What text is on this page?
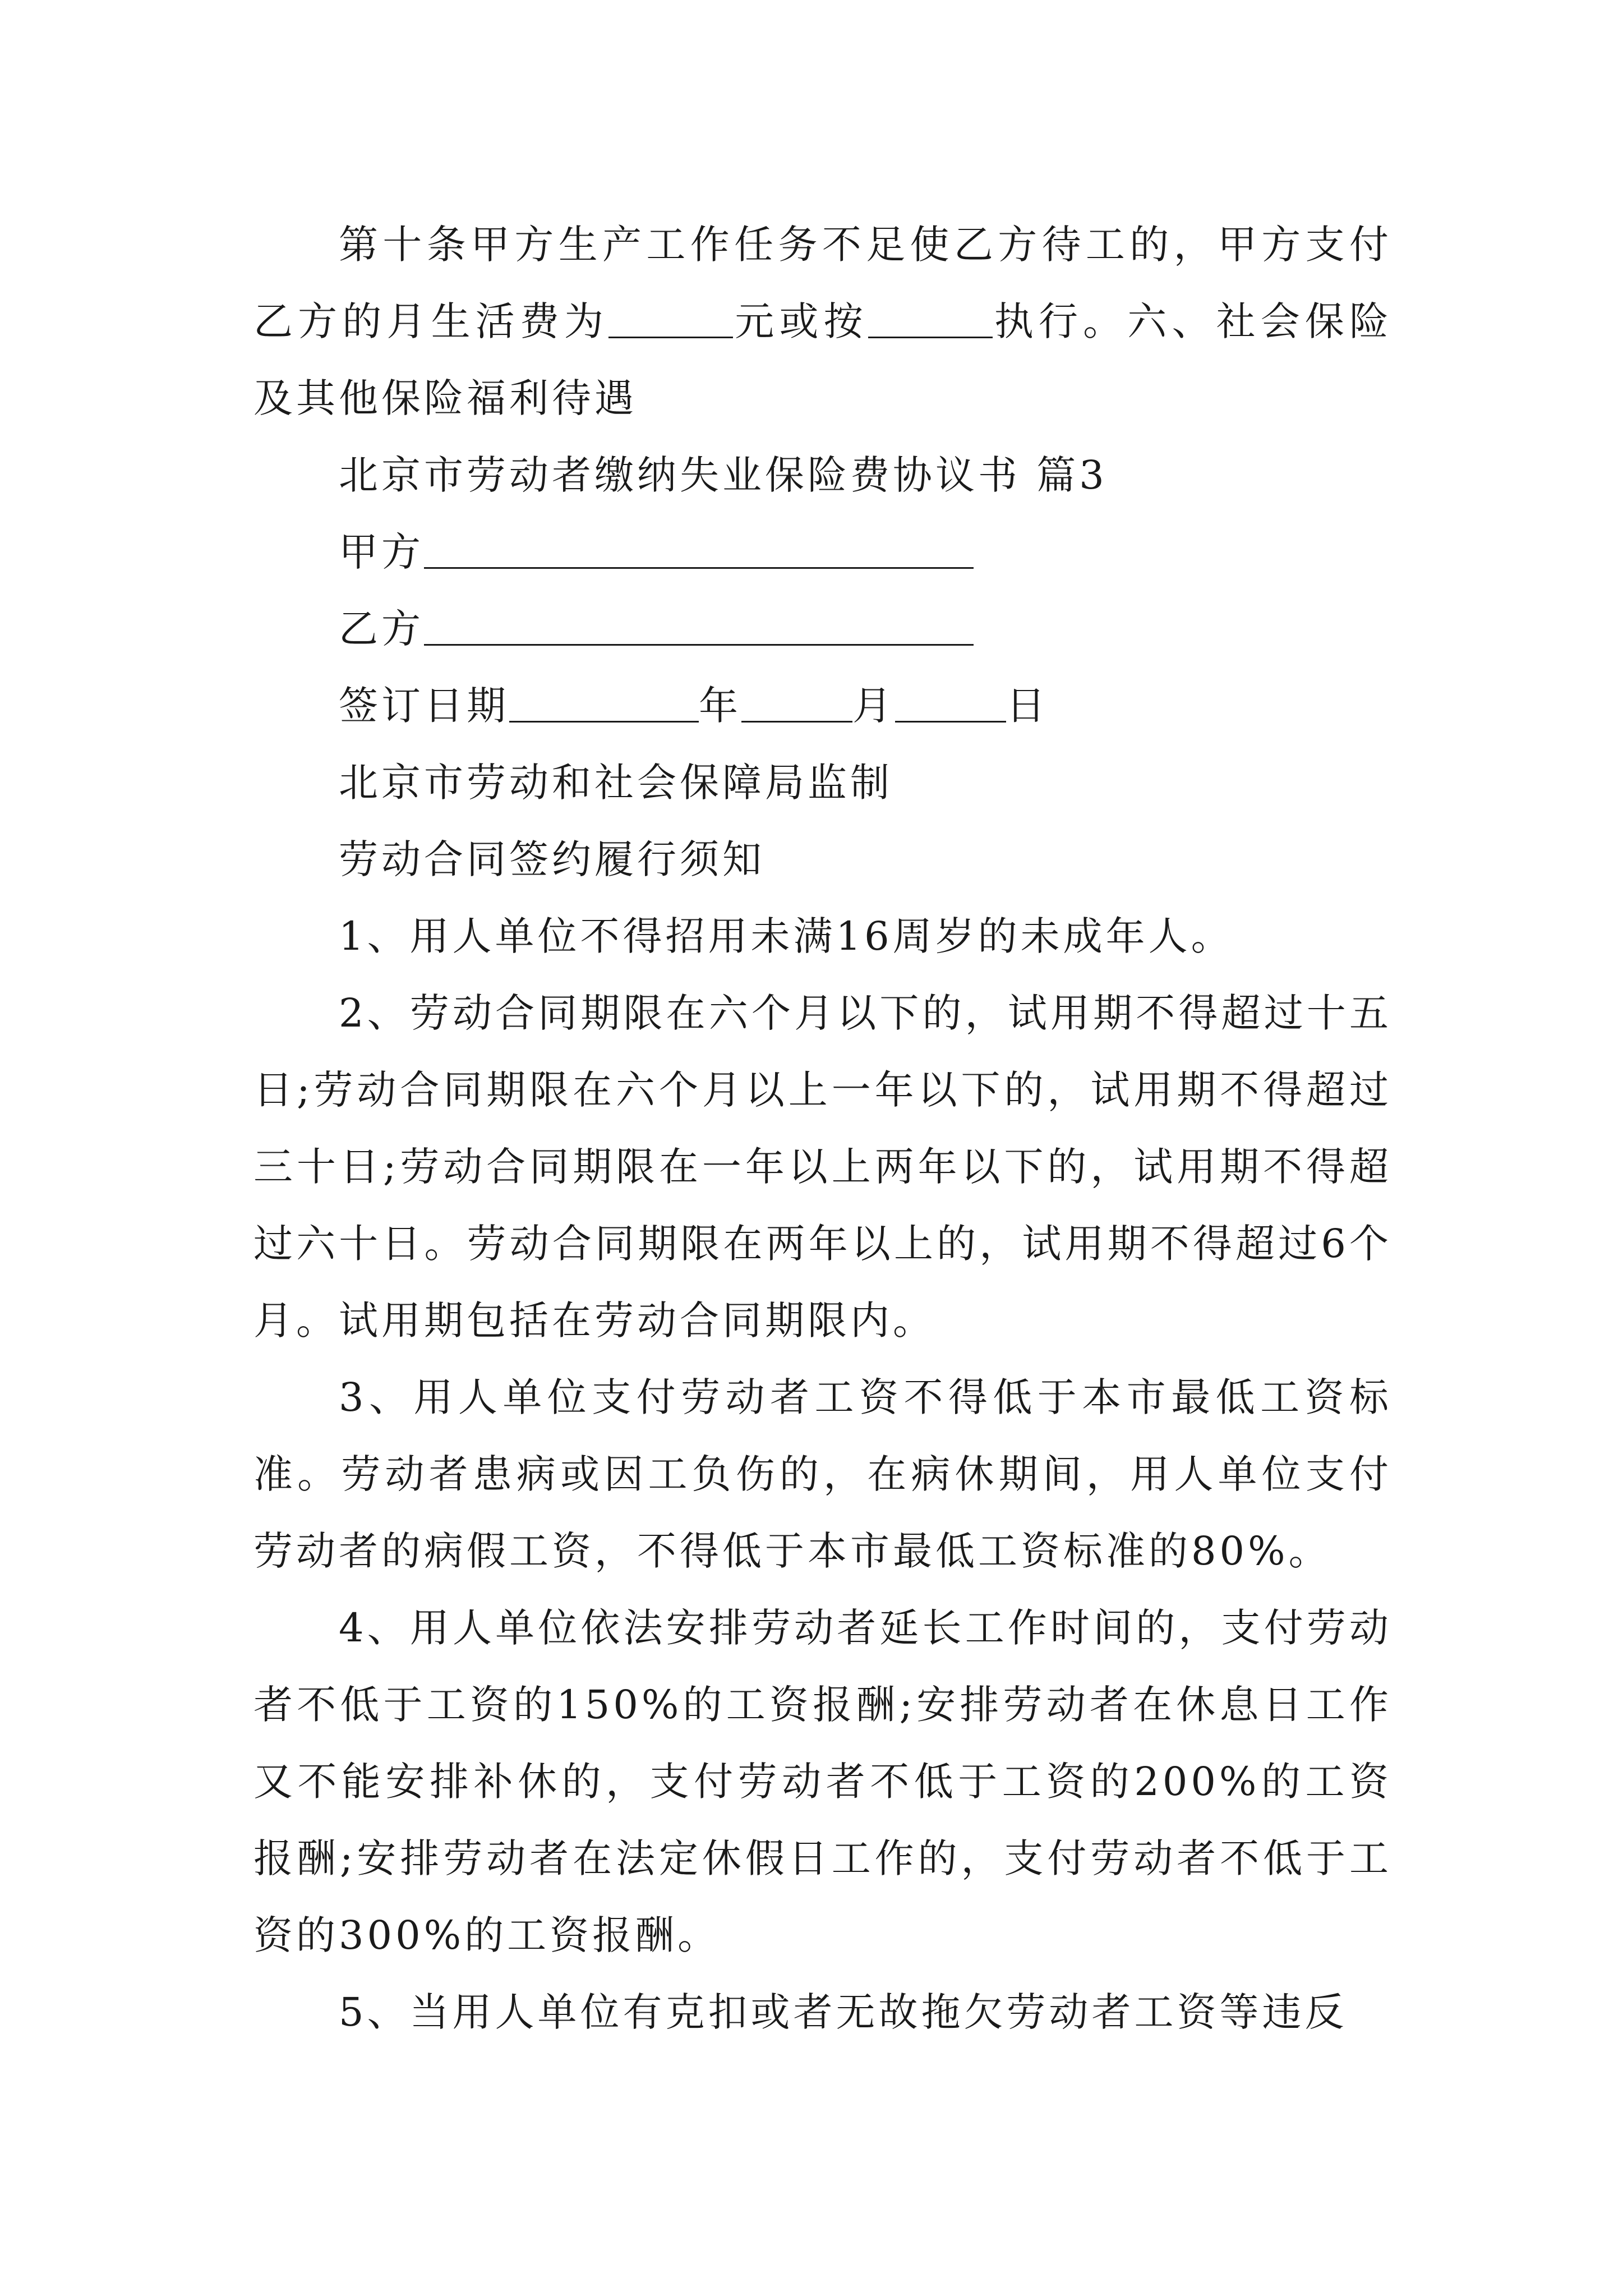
第十条甲方生产工作任务不足使乙方待工的，甲方支付乙方的月生活费为	元或按	执行。六、社会保险及其他保险福利待遇

北京市劳动者缴纳失业保险费协议书 篇3

甲方

乙方

签订日期	年	月	日

北京市劳动和社会保障局监制

劳动合同签约履行须知

1、用人单位不得招用未满16周岁的未成年人。

2、劳动合同期限在六个月以下的，试用期不得超过十五日;劳动合同期限在六个月以上一年以下的，试用期不得超过三十日;劳动合同期限在一年以上两年以下的，试用期不得超过六十日。劳动合同期限在两年以上的，试用期不得超过6个月。试用期包括在劳动合同期限内。

3、用人单位支付劳动者工资不得低于本市最低工资标准。劳动者患病或因工负伤的，在病休期间，用人单位支付劳动者的病假工资，不得低于本市最低工资标准的80%。

4、用人单位依法安排劳动者延长工作时间的，支付劳动者不低于工资的150%的工资报酬;安排劳动者在休息日工作又不能安排补休的，支付劳动者不低于工资的200%的工资报酬;安排劳动者在法定休假日工作的，支付劳动者不低于工资的300%的工资报酬。

5、当用人单位有克扣或者无故拖欠劳动者工资等违反
